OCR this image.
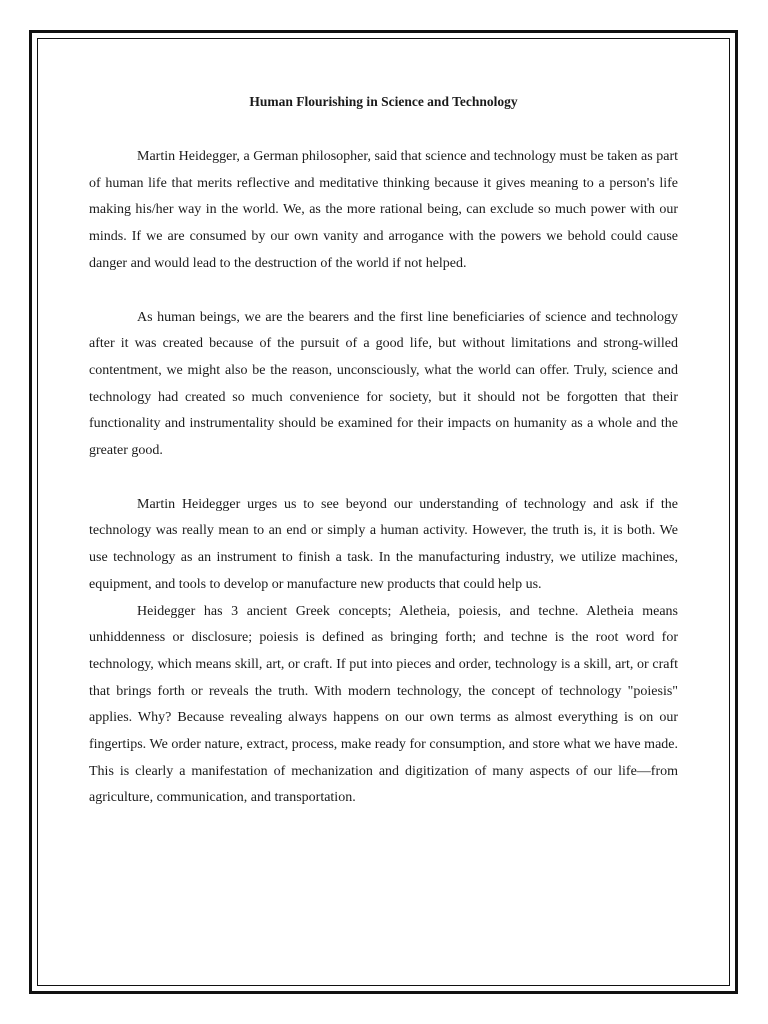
Human Flourishing in Science and Technology

Martin Heidegger, a German philosopher, said that science and technology must be taken as part of human life that merits reflective and meditative thinking because it gives meaning to a person's life making his/her way in the world. We, as the more rational being, can exclude so much power with our minds. If we are consumed by our own vanity and arrogance with the powers we behold could cause danger and would lead to the destruction of the world if not helped.

As human beings, we are the bearers and the first line beneficiaries of science and technology after it was created because of the pursuit of a good life, but without limitations and strong-willed contentment, we might also be the reason, unconsciously, what the world can offer. Truly, science and technology had created so much convenience for society, but it should not be forgotten that their functionality and instrumentality should be examined for their impacts on humanity as a whole and the greater good.

Martin Heidegger urges us to see beyond our understanding of technology and ask if the technology was really mean to an end or simply a human activity. However, the truth is, it is both. We use technology as an instrument to finish a task. In the manufacturing industry, we utilize machines, equipment, and tools to develop or manufacture new products that could help us.

Heidegger has 3 ancient Greek concepts; Aletheia, poiesis, and techne. Aletheia means unhiddenness or disclosure; poiesis is defined as bringing forth; and techne is the root word for technology, which means skill, art, or craft. If put into pieces and order, technology is a skill, art, or craft that brings forth or reveals the truth. With modern technology, the concept of technology "poiesis" applies. Why? Because revealing always happens on our own terms as almost everything is on our fingertips. We order nature, extract, process, make ready for consumption, and store what we have made. This is clearly a manifestation of mechanization and digitization of many aspects of our life—from agriculture, communication, and transportation.
